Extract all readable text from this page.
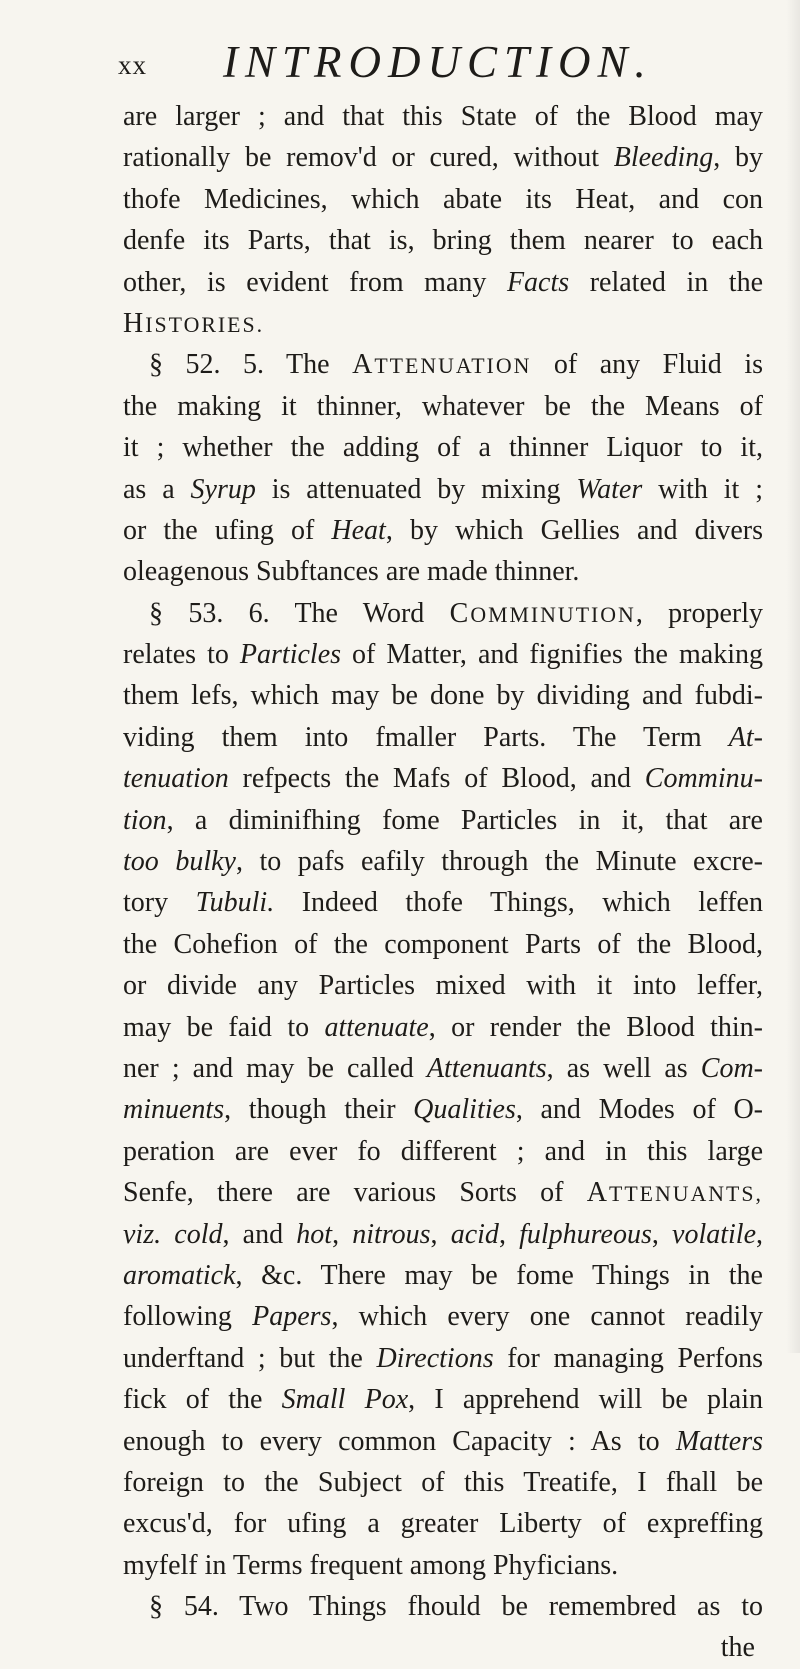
xx INTRODUCTION.
are larger ; and that this State of the Blood may
rationally be remov'd or cured, without Bleeding, by
thofe Medicines, which abate its Heat, and con
denfe its Parts, that is, bring them nearer to each
other, is evident from many Facts related in the
HISTORIES.
§ 52. 5. The ATTENUATION of any Fluid is
the making it thinner, whatever be the Means of
it ; whether the adding of a thinner Liquor to it,
as a Syrup is attenuated by mixing Water with it ;
or the ufing of Heat, by which Gellies and divers
oleagenous Subftances are made thinner.
§ 53. 6. The Word COMMINUTION, properly
relates to Particles of Matter, and fignifies the making
them lefs, which may be done by dividing and fubdi-
viding them into fmaller Parts. The Term At-
tenuation refpects the Mafs of Blood, and Comminu-
tion, a diminifhing fome Particles in it, that are
too bulky, to pafs eafily through the Minute excre-
tory Tubuli. Indeed thofe Things, which leffen
the Cohefion of the component Parts of the Blood,
or divide any Particles mixed with it into leffer,
may be faid to attenuate, or render the Blood thin-
ner ; and may be called Attenuants, as well as Com-
minuents, though their Qualities, and Modes of O-
peration are ever fo different ; and in this large
Senfe, there are various Sorts of ATTENUANTS,
viz. cold, and hot, nitrous, acid, fulphureous, volatile,
aromatick, &c. There may be fome Things in the
following Papers, which every one cannot readily
underftand ; but the Directions for managing Perfons
fick of the Small Pox, I apprehend will be plain
enough to every common Capacity : As to Matters
foreign to the Subject of this Treatife, I fhall be
excus'd, for ufing a greater Liberty of expreffing
myfelf in Terms frequent among Phyficians.
§ 54. Two Things fhould be remembred as to
the
